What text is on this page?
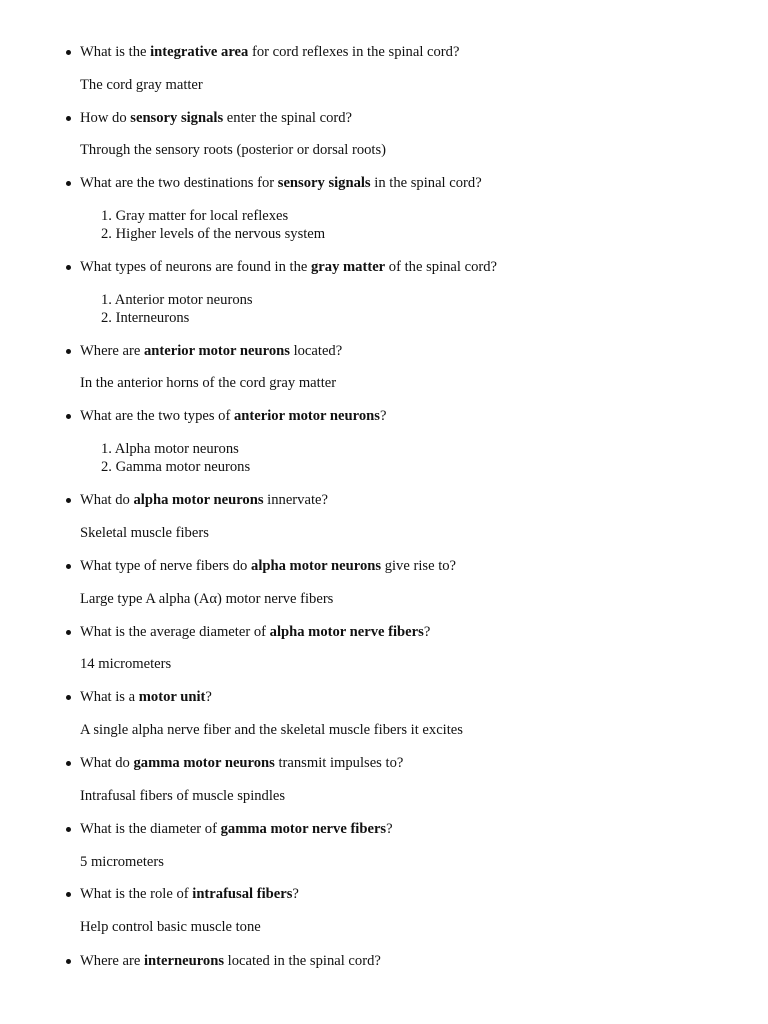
What is the integrative area for cord reflexes in the spinal cord?
The cord gray matter
How do sensory signals enter the spinal cord?
Through the sensory roots (posterior or dorsal roots)
What are the two destinations for sensory signals in the spinal cord?
1. Gray matter for local reflexes
2. Higher levels of the nervous system
What types of neurons are found in the gray matter of the spinal cord?
1. Anterior motor neurons
2. Interneurons
Where are anterior motor neurons located?
In the anterior horns of the cord gray matter
What are the two types of anterior motor neurons?
1. Alpha motor neurons
2. Gamma motor neurons
What do alpha motor neurons innervate?
Skeletal muscle fibers
What type of nerve fibers do alpha motor neurons give rise to?
Large type A alpha (Aα) motor nerve fibers
What is the average diameter of alpha motor nerve fibers?
14 micrometers
What is a motor unit?
A single alpha nerve fiber and the skeletal muscle fibers it excites
What do gamma motor neurons transmit impulses to?
Intrafusal fibers of muscle spindles
What is the diameter of gamma motor nerve fibers?
5 micrometers
What is the role of intrafusal fibers?
Help control basic muscle tone
Where are interneurons located in the spinal cord?
